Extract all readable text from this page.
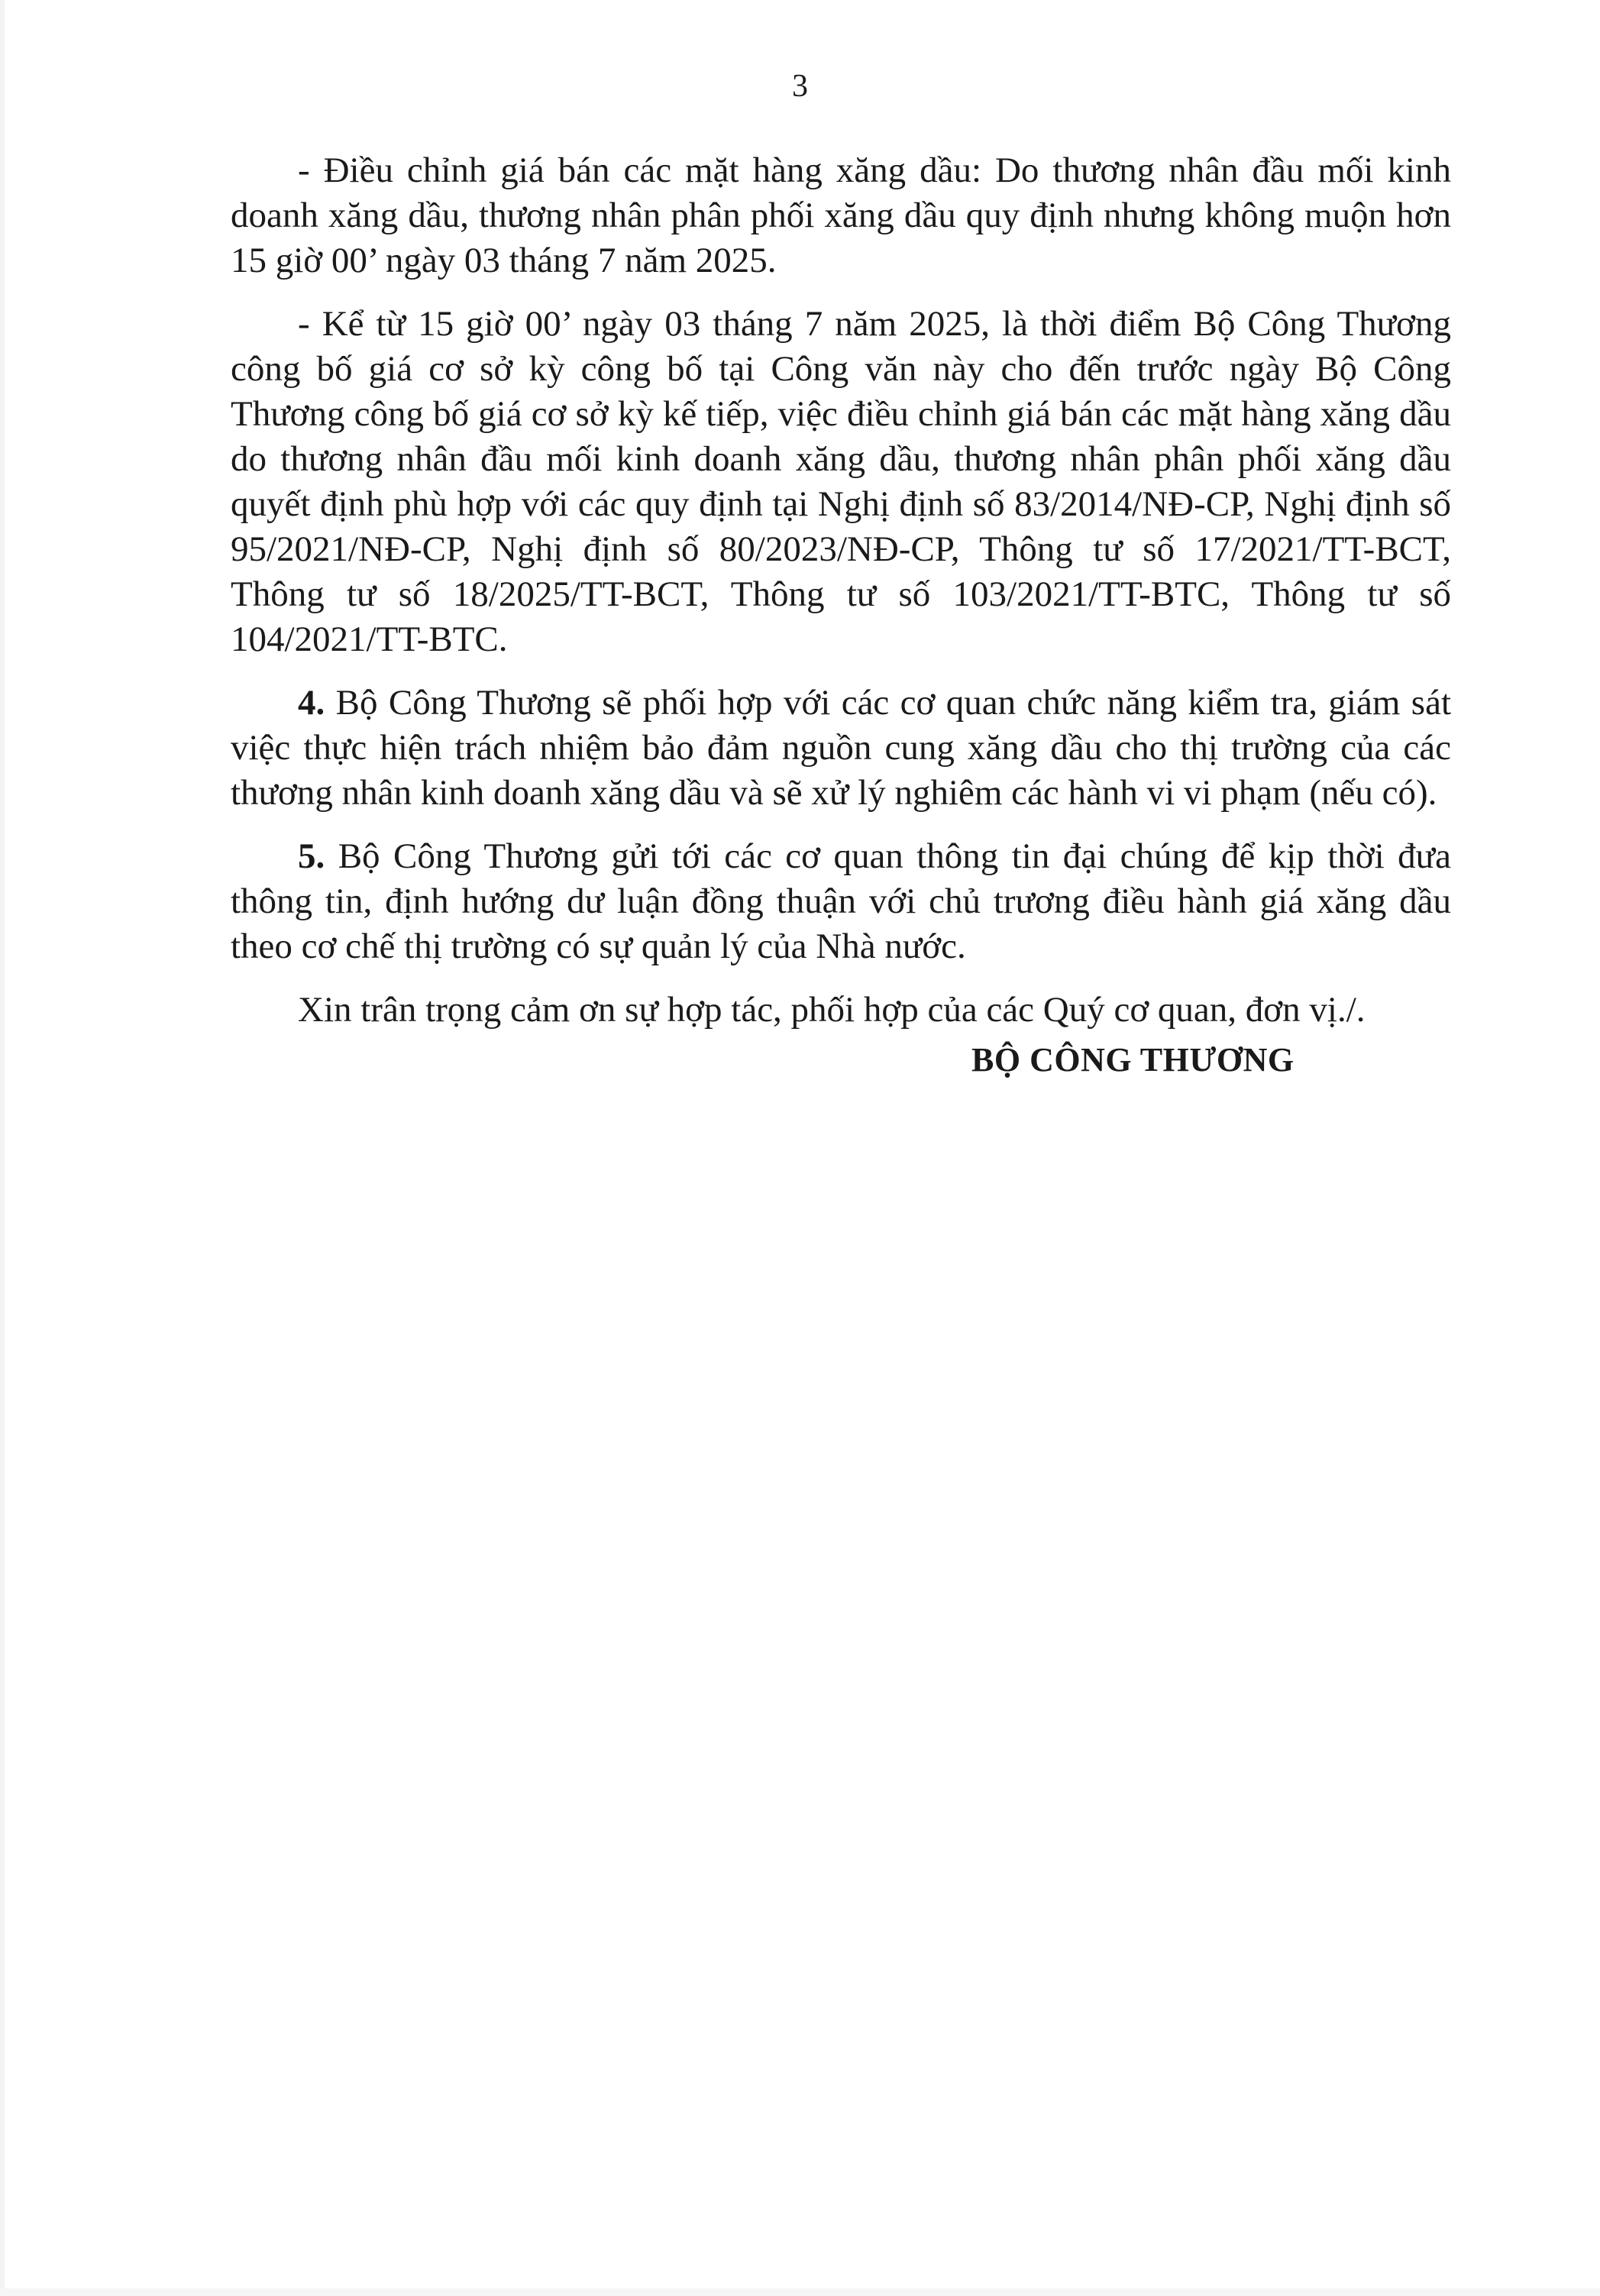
3

- Điều chỉnh giá bán các mặt hàng xăng dầu: Do thương nhân đầu mối kinh doanh xăng dầu, thương nhân phân phối xăng dầu quy định nhưng không muộn hơn 15 giờ 00’ ngày 03 tháng 7 năm 2025.

- Kể từ 15 giờ 00’ ngày 03 tháng 7 năm 2025, là thời điểm Bộ Công Thương công bố giá cơ sở kỳ công bố tại Công văn này cho đến trước ngày Bộ Công Thương công bố giá cơ sở kỳ kế tiếp, việc điều chỉnh giá bán các mặt hàng xăng dầu do thương nhân đầu mối kinh doanh xăng dầu, thương nhân phân phối xăng dầu quyết định phù hợp với các quy định tại Nghị định số 83/2014/NĐ-CP, Nghị định số 95/2021/NĐ-CP, Nghị định số 80/2023/NĐ-CP, Thông tư số 17/2021/TT-BCT, Thông tư số 18/2025/TT-BCT, Thông tư số 103/2021/TT-BTC, Thông tư số 104/2021/TT-BTC.

4. Bộ Công Thương sẽ phối hợp với các cơ quan chức năng kiểm tra, giám sát việc thực hiện trách nhiệm bảo đảm nguồn cung xăng dầu cho thị trường của các thương nhân kinh doanh xăng dầu và sẽ xử lý nghiêm các hành vi vi phạm (nếu có).

5. Bộ Công Thương gửi tới các cơ quan thông tin đại chúng để kịp thời đưa thông tin, định hướng dư luận đồng thuận với chủ trương điều hành giá xăng dầu theo cơ chế thị trường có sự quản lý của Nhà nước.

Xin trân trọng cảm ơn sự hợp tác, phối hợp của các Quý cơ quan, đơn vị./.

BỘ CÔNG THƯƠNG
